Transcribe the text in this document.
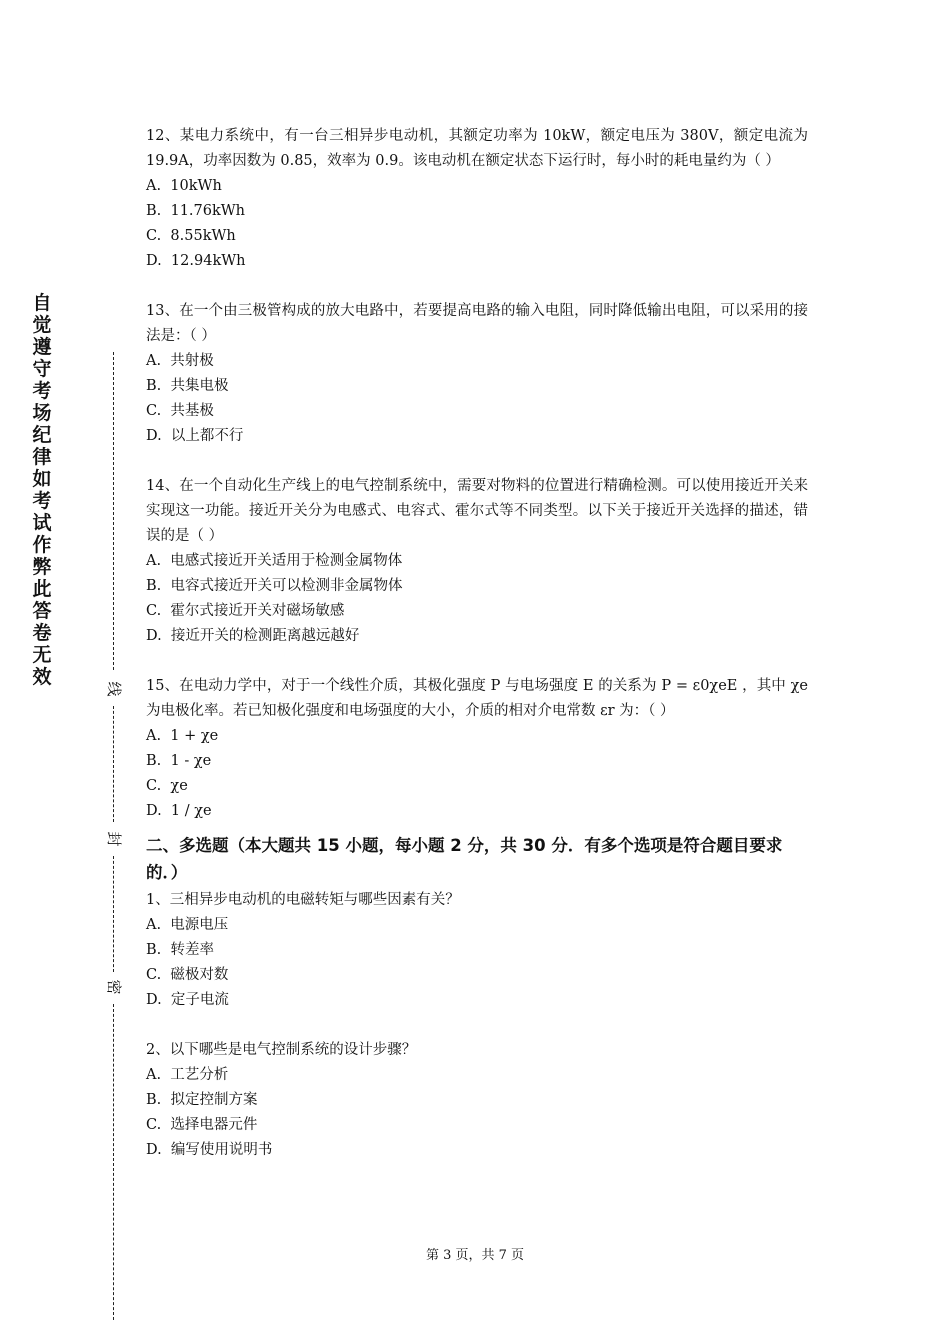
自觉遵守考场纪律如考试作弊此答卷无效
线
封
密
12、某电力系统中，有一台三相异步电动机，其额定功率为 10kW，额定电压为 380V，额定电流为 19.9A，功率因数为 0.85，效率为 0.9。该电动机在额定状态下运行时，每小时的耗电量约为（ ）
A.  10kWh
B.  11.76kWh
C.  8.55kWh
D.  12.94kWh
13、在一个由三极管构成的放大电路中，若要提高电路的输入电阻，同时降低输出电阻，可以采用的接法是：（ ）
A.  共射极
B.  共集电极
C.  共基极
D.  以上都不行
14、在一个自动化生产线上的电气控制系统中，需要对物料的位置进行精确检测。可以使用接近开关来实现这一功能。接近开关分为电感式、电容式、霍尔式等不同类型。以下关于接近开关选择的描述，错误的是（ ）
A.  电感式接近开关适用于检测金属物体
B.  电容式接近开关可以检测非金属物体
C.  霍尔式接近开关对磁场敏感
D.  接近开关的检测距离越远越好
15、在电动力学中，对于一个线性介质，其极化强度 P 与电场强度 E 的关系为 P = ε0χeE ，其中 χe 为电极化率。若已知极化强度和电场强度的大小，介质的相对介电常数 εr 为：（ ）
A.  1 + χe
B.  1 - χe
C.  χe
D.  1 / χe
二、多选题（本大题共 15 小题，每小题 2 分，共 30 分．有多个选项是符合题目要求的．）
1、三相异步电动机的电磁转矩与哪些因素有关？
A.  电源电压
B.  转差率
C.  磁极对数
D.  定子电流
2、以下哪些是电气控制系统的设计步骤？
A.  工艺分析
B.  拟定控制方案
C.  选择电器元件
D.  编写使用说明书
第 3 页，共 7 页
